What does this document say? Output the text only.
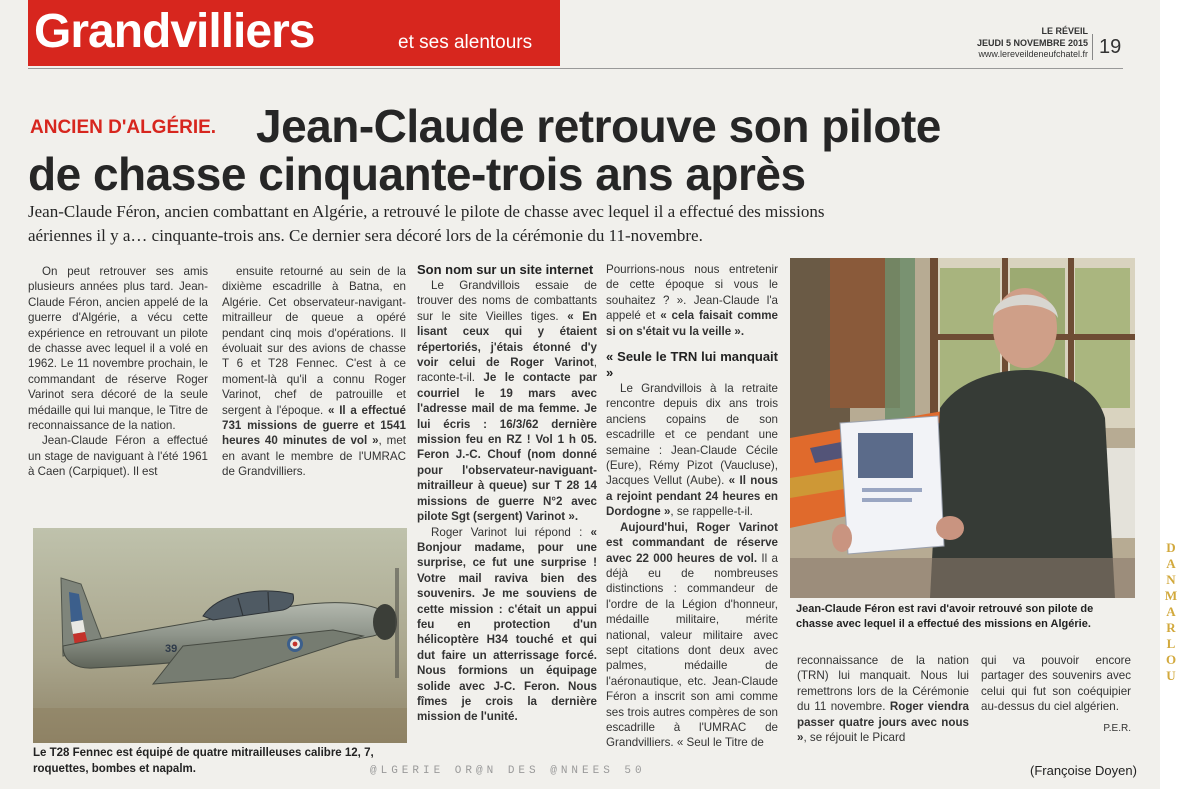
Grandvilliers	et ses alentours
LE RÉVEIL
JEUDI 5 NOVEMBRE 2015
www.lereveildeneufchatel.fr 19
ANCIEN D'ALGÉRIE. Jean-Claude retrouve son pilote
de chasse cinquante-trois ans après
Jean-Claude Féron, ancien combattant en Algérie, a retrouvé le pilote de chasse avec lequel il a effectué des missions aériennes il y a… cinquante-trois ans. Ce dernier sera décoré lors de la cérémonie du 11-novembre.

On peut retrouver ses amis plusieurs années plus tard. Jean-Claude Féron, ancien appelé de la guerre d'Algérie, a vécu cette expérience en retrouvant un pilote de chasse avec lequel il a volé en 1962. Le 11 novembre prochain, le commandant de réserve Roger Varinot sera décoré de la seule médaille qui lui manque, le Titre de reconnaissance de la nation.

Jean-Claude Féron a effectué un stage de naviguant à l'été 1961 à Caen (Carpiquet). Il est

ensuite retourné au sein de la dixième escadrille à Batna, en Algérie. Cet observateur-navigant-mitrailleur de queue a opéré pendant cinq mois d'opérations. Il évoluait sur des avions de chasse T 6 et T28 Fennec. C'est à ce moment-là qu'il a connu Roger Varinot, chef de patrouille et sergent à l'époque. « Il a effectué 731 missions de guerre et 1541 heures 40 minutes de vol », met en avant le membre de l'UMRAC de Grandvilliers.

Son nom sur un site internet

Le Grandvillois essaie de trouver des noms de combattants sur le site Vieilles tiges. « En lisant ceux qui y étaient répertoriés, j'étais étonné d'y voir celui de Roger Varinot, raconte-t-il. Je le contacte par courriel le 19 mars avec l'adresse mail de ma femme. Je lui écris : 16/3/62 dernière mission feu en RZ ! Vol 1 h 05. Feron J.-C. Chouf (nom donné pour l'observateur-naviguant-mitrailleur à queue) sur T 28 14 missions de guerre N°2 avec pilote Sgt (sergent) Varinot ».

Roger Varinot lui répond : « Bonjour madame, pour une surprise, ce fut une surprise ! Votre mail raviva bien des souvenirs. Je me souviens de cette mission : c'était un appui feu en protection d'un hélicoptère H34 touché et qui dut faire un atterrissage forcé. Nous formions un équipage solide avec J-C. Feron. Nous fîmes je crois la dernière mission de l'unité.

Pourrions-nous nous entretenir de cette époque si vous le souhaitez ? ». Jean-Claude l'a appelé et « cela faisait comme si on s'était vu la veille ».

« Seule le TRN lui manquait »

Le Grandvillois à la retraite rencontre depuis dix ans trois anciens copains de son escadrille et ce pendant une semaine : Jean-Claude Cécile (Eure), Rémy Pizot (Vaucluse), Jacques Vellut (Aube). « Il nous a rejoint pendant 24 heures en Dordogne », se rappelle-t-il.

Aujourd'hui, Roger Varinot est commandant de réserve avec 22 000 heures de vol. Il a déjà eu de nombreuses distinctions : commandeur de l'ordre de la Légion d'honneur, médaille militaire, mérite national, valeur militaire avec sept citations dont deux avec palmes, médaille de l'aéronautique, etc. Jean-Claude Féron a inscrit son ami comme ses trois autres compères de son escadrille à l'UMRAC de Grandvilliers. « Seul le Titre de

39
Le T28 Fennec est équipé de quatre mitrailleuses calibre 12, 7, roquettes, bombes et napalm.
Jean-Claude Féron est ravi d'avoir retrouvé son pilote de chasse avec lequel il a effectué des missions en Algérie.

reconnaissance de la nation (TRN) lui manquait. Nous lui remettrons lors de la Cérémonie du 11 novembre. Roger viendra passer quatre jours avec nous », se réjouit le Picard

qui va pouvoir encore partager des souvenirs avec celui qui fut son coéquipier au-dessus du ciel algérien.

P.E.R.

@LGERIE OR@N DES @NNEES 50
DANMARLOU
(Françoise Doyen)
